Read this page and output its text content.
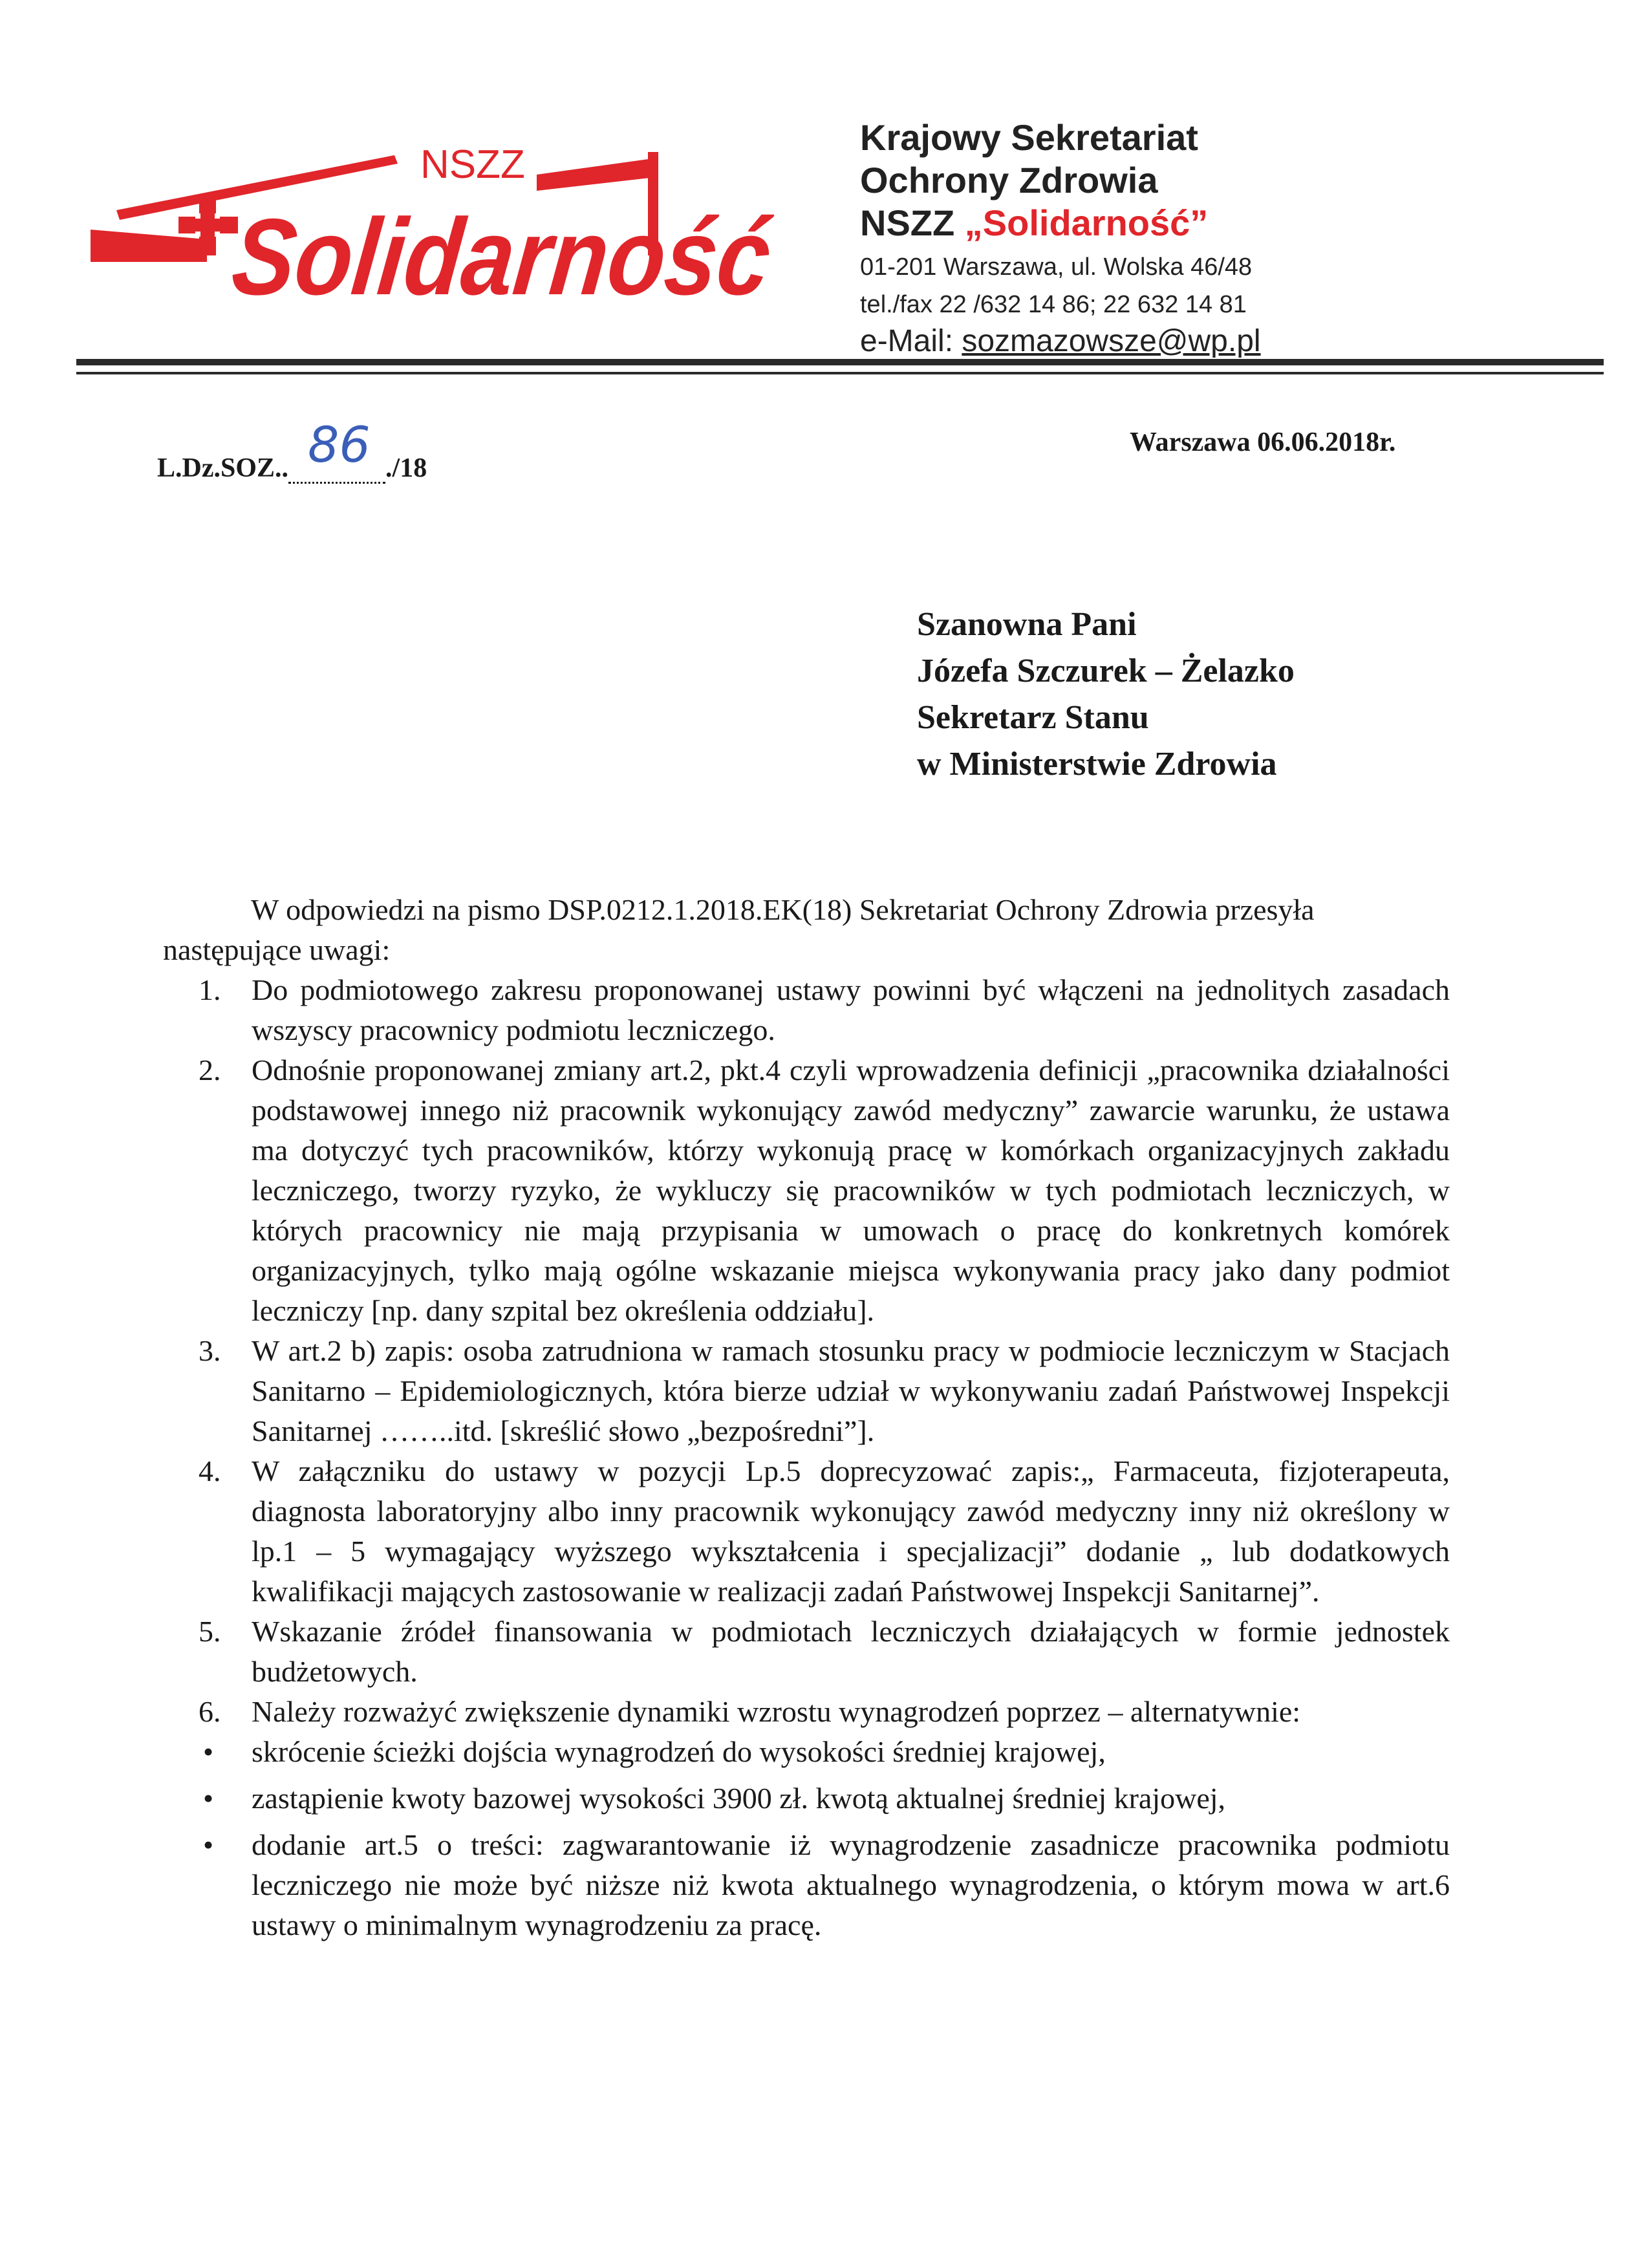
NSZZ
Solidarność
Krajowy Sekretariat
Ochrony Zdrowia
NSZZ „Solidarność”
01-201 Warszawa, ul. Wolska 46/48
tel./fax 22 /632 14 86; 22 632 14 81
e-Mail: sozmazowsze@wp.pl
L.Dz.SOZ.. 86 ./18
Warszawa 06.06.2018r.
Szanowna Pani
Józefa Szczurek – Żelazko
Sekretarz Stanu
w Ministerstwie Zdrowia
W odpowiedzi na pismo DSP.0212.1.2018.EK(18) Sekretariat Ochrony Zdrowia przesyła następujące uwagi:
1. Do podmiotowego zakresu proponowanej ustawy powinni być włączeni na jednolitych zasadach wszyscy pracownicy podmiotu leczniczego.
2. Odnośnie proponowanej zmiany art.2, pkt.4 czyli wprowadzenia definicji „pracownika działalności podstawowej innego niż pracownik wykonujący zawód medyczny” zawarcie warunku, że ustawa ma dotyczyć tych pracowników, którzy wykonują pracę w komórkach organizacyjnych zakładu leczniczego, tworzy ryzyko, że wykluczy się pracowników w tych podmiotach leczniczych, w których pracownicy nie mają przypisania w umowach o pracę do konkretnych komórek organizacyjnych, tylko mają ogólne wskazanie miejsca wykonywania pracy jako dany podmiot leczniczy [np. dany szpital bez określenia oddziału].
3. W art.2 b) zapis: osoba zatrudniona w ramach stosunku pracy w podmiocie leczniczym w Stacjach Sanitarno – Epidemiologicznych, która bierze udział w wykonywaniu zadań Państwowej Inspekcji Sanitarnej ……..itd. [skreślić słowo „bezpośredni”].
4. W załączniku do ustawy w pozycji Lp.5 doprecyzować zapis:„ Farmaceuta, fizjoterapeuta, diagnosta laboratoryjny albo inny pracownik wykonujący zawód medyczny inny niż określony w lp.1 – 5 wymagający wyższego wykształcenia i specjalizacji” dodanie „ lub dodatkowych kwalifikacji mających zastosowanie w realizacji zadań Państwowej Inspekcji Sanitarnej”.
5. Wskazanie źródeł finansowania w podmiotach leczniczych działających w formie jednostek budżetowych.
6. Należy rozważyć zwiększenie dynamiki wzrostu wynagrodzeń poprzez – alternatywnie:
• skrócenie ścieżki dojścia wynagrodzeń do wysokości średniej krajowej,
• zastąpienie kwoty bazowej wysokości 3900 zł. kwotą aktualnej średniej krajowej,
• dodanie art.5 o treści: zagwarantowanie iż wynagrodzenie zasadnicze pracownika podmiotu leczniczego nie może być niższe niż kwota aktualnego wynagrodzenia, o którym mowa w art.6 ustawy o minimalnym wynagrodzeniu za pracę.
